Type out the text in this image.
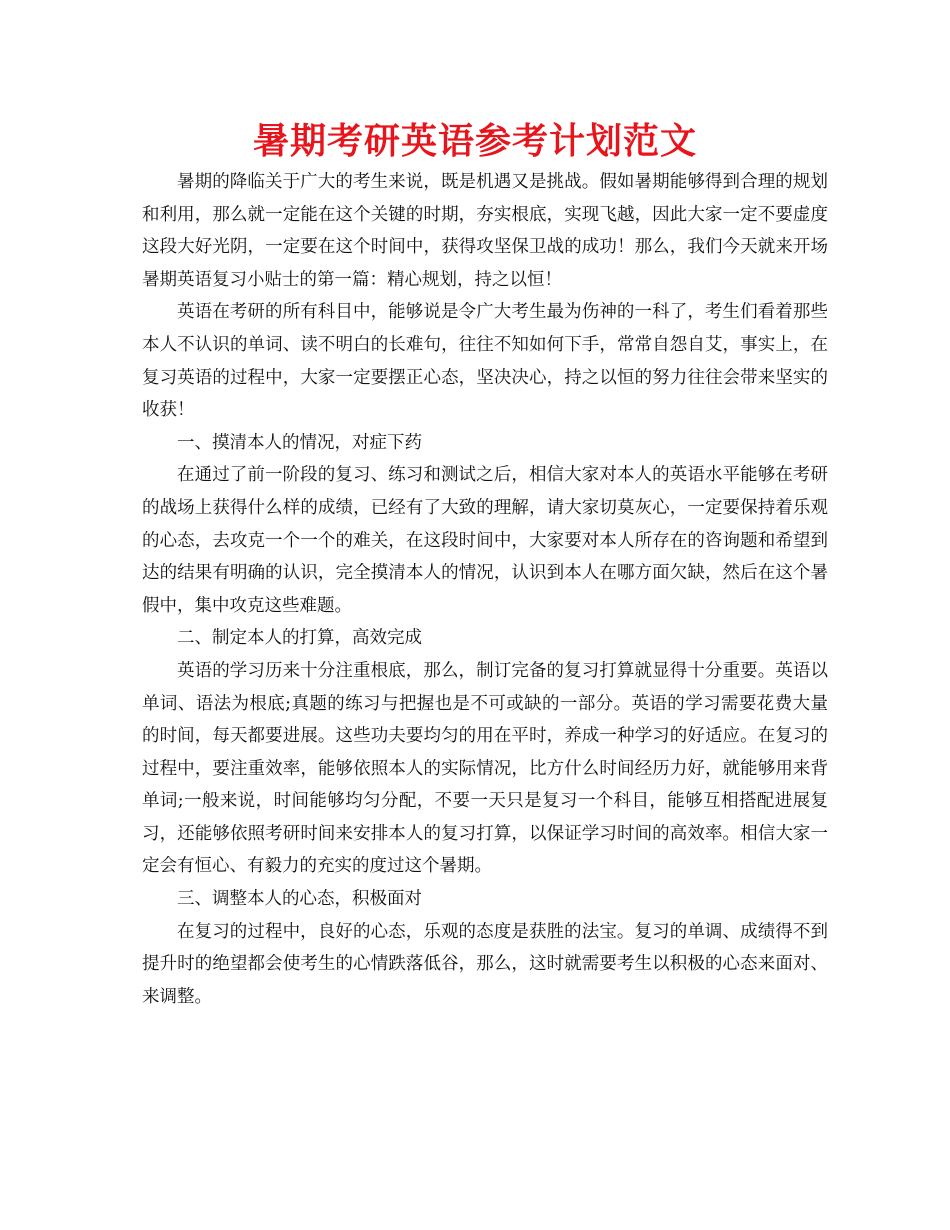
暑期考研英语参考计划范文

暑期的降临关于广大的考生来说，既是机遇又是挑战。假如暑期能够得到合理的规划和利用，那么就一定能在这个关键的时期，夯实根底，实现飞越，因此大家一定不要虚度这段大好光阴，一定要在这个时间中，获得攻坚保卫战的成功！那么，我们今天就来开场暑期英语复习小贴士的第一篇：精心规划，持之以恒！

英语在考研的所有科目中，能够说是令广大考生最为伤神的一科了，考生们看着那些本人不认识的单词、读不明白的长难句，往往不知如何下手，常常自怨自艾，事实上，在复习英语的过程中，大家一定要摆正心态，坚决决心，持之以恒的努力往往会带来坚实的收获！

一、摸清本人的情况，对症下药

在通过了前一阶段的复习、练习和测试之后，相信大家对本人的英语水平能够在考研的战场上获得什么样的成绩，已经有了大致的理解，请大家切莫灰心，一定要保持着乐观的心态，去攻克一个一个的难关，在这段时间中，大家要对本人所存在的咨询题和希望到达的结果有明确的认识，完全摸清本人的情况，认识到本人在哪方面欠缺，然后在这个暑假中，集中攻克这些难题。

二、制定本人的打算，高效完成

英语的学习历来十分注重根底，那么，制订完备的复习打算就显得十分重要。英语以单词、语法为根底;真题的练习与把握也是不可或缺的一部分。英语的学习需要花费大量的时间，每天都要进展。这些功夫要均匀的用在平时，养成一种学习的好适应。在复习的过程中，要注重效率，能够依照本人的实际情况，比方什么时间经历力好，就能够用来背单词;一般来说，时间能够均匀分配，不要一天只是复习一个科目，能够互相搭配进展复习，还能够依照考研时间来安排本人的复习打算，以保证学习时间的高效率。相信大家一定会有恒心、有毅力的充实的度过这个暑期。

三、调整本人的心态，积极面对

在复习的过程中，良好的心态，乐观的态度是获胜的法宝。复习的单调、成绩得不到提升时的绝望都会使考生的心情跌落低谷，那么，这时就需要考生以积极的心态来面对、来调整。
